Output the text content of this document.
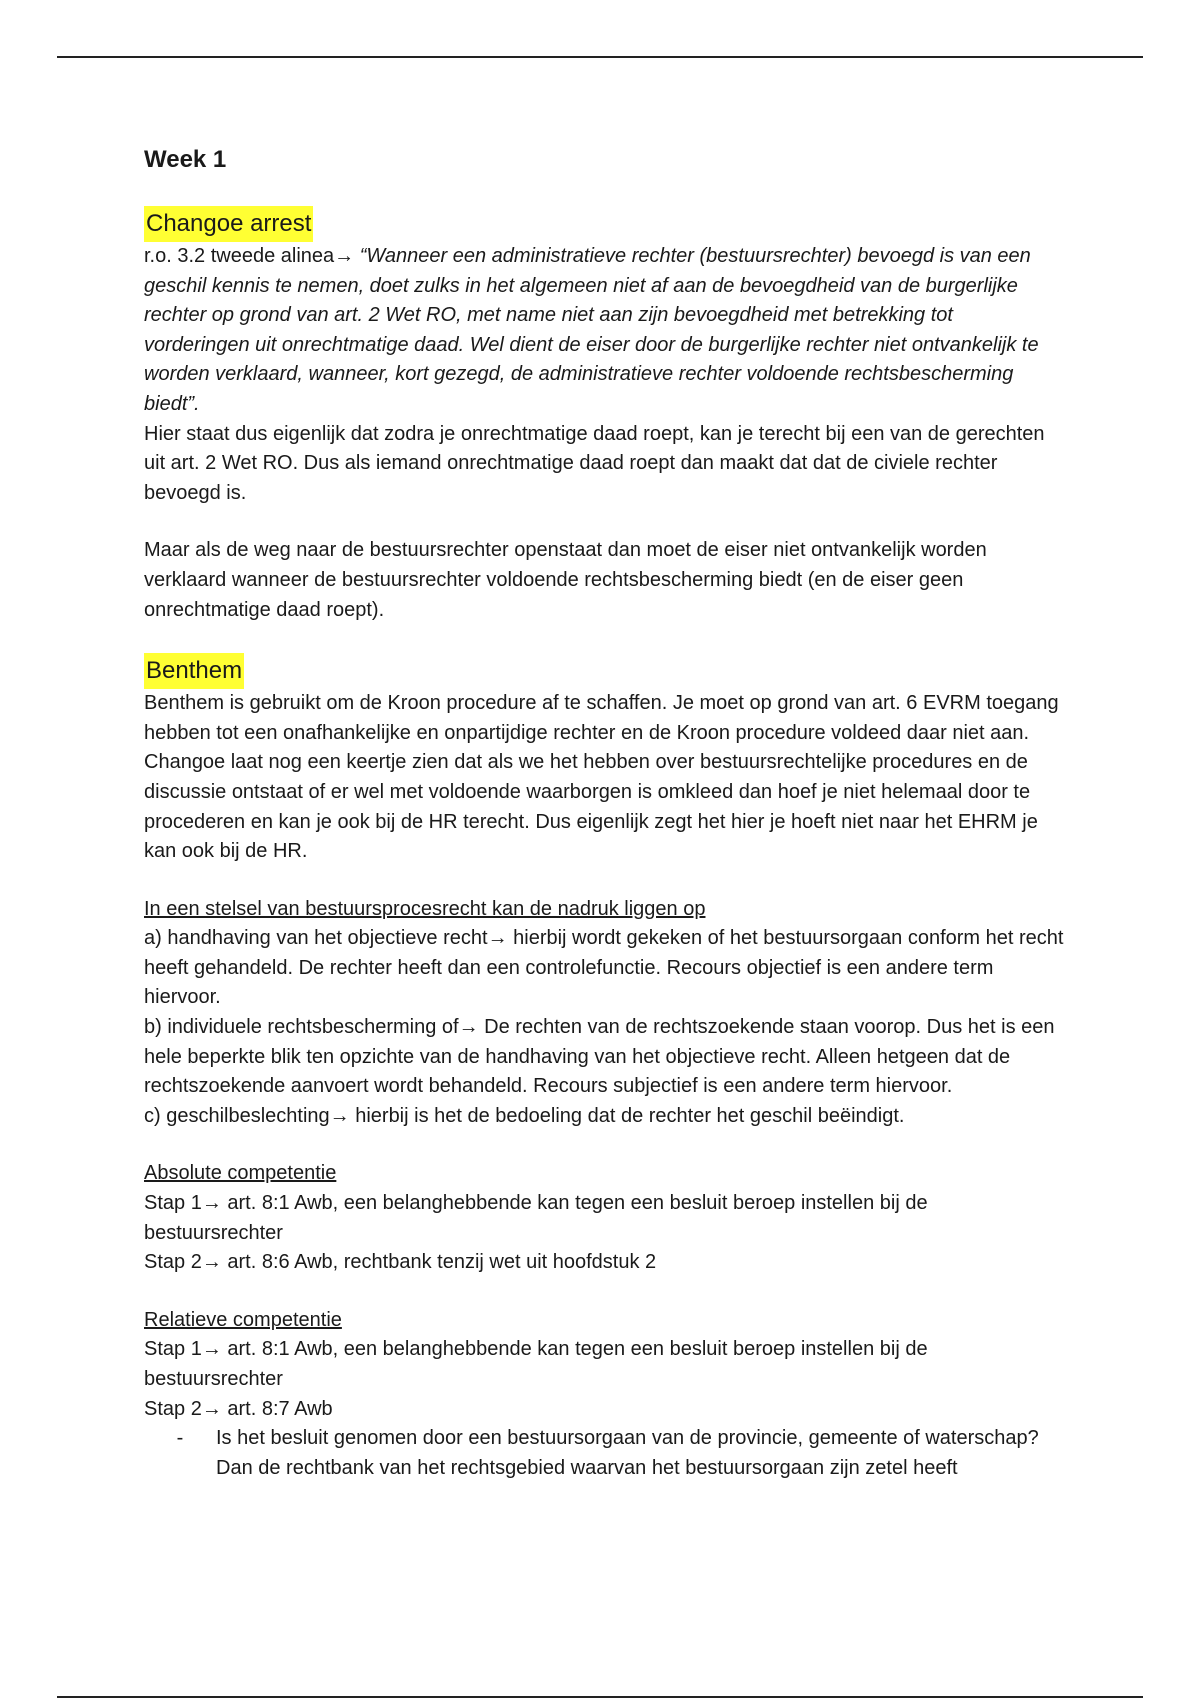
Week 1
Changoe arrest

r.o. 3.2 tweede alinea→ “Wanneer een administratieve rechter (bestuursrechter) bevoegd is van een geschil kennis te nemen, doet zulks in het algemeen niet af aan de bevoegdheid van de burgerlijke rechter op grond van art. 2 Wet RO, met name niet aan zijn bevoegdheid met betrekking tot vorderingen uit onrechtmatige daad. Wel dient de eiser door de burgerlijke rechter niet ontvankelijk te worden verklaard, wanneer, kort gezegd, de administratieve rechter voldoende rechtsbescherming biedt”.

Hier staat dus eigenlijk dat zodra je onrechtmatige daad roept, kan je terecht bij een van de gerechten uit art. 2 Wet RO. Dus als iemand onrechtmatige daad roept dan maakt dat dat de civiele rechter bevoegd is.

Maar als de weg naar de bestuursrechter openstaat dan moet de eiser niet ontvankelijk worden verklaard wanneer de bestuursrechter voldoende rechtsbescherming biedt (en de eiser geen onrechtmatige daad roept).

Benthem

Benthem is gebruikt om de Kroon procedure af te schaffen. Je moet op grond van art. 6 EVRM toegang hebben tot een onafhankelijke en onpartijdige rechter en de Kroon procedure voldeed daar niet aan. Changoe laat nog een keertje zien dat als we het hebben over bestuursrechtelijke procedures en de discussie ontstaat of er wel met voldoende waarborgen is omkleed dan hoef je niet helemaal door te procederen en kan je ook bij de HR terecht. Dus eigenlijk zegt het hier je hoeft niet naar het EHRM je kan ook bij de HR.

In een stelsel van bestuursprocesrecht kan de nadruk liggen op

a) handhaving van het objectieve recht→ hierbij wordt gekeken of het bestuursorgaan conform het recht heeft gehandeld. De rechter heeft dan een controlefunctie. Recours objectief is een andere term hiervoor.

b) individuele rechtsbescherming of→ De rechten van de rechtszoekende staan voorop. Dus het is een hele beperkte blik ten opzichte van de handhaving van het objectieve recht. Alleen hetgeen dat de rechtszoekende aanvoert wordt behandeld. Recours subjectief is een andere term hiervoor.

c) geschilbeslechting→ hierbij is het de bedoeling dat de rechter het geschil beëindigt.

Absolute competentie

Stap 1→ art. 8:1 Awb, een belanghebbende kan tegen een besluit beroep instellen bij de bestuursrechter

Stap 2→ art. 8:6 Awb, rechtbank tenzij wet uit hoofdstuk 2

Relatieve competentie

Stap 1→ art. 8:1 Awb, een belanghebbende kan tegen een besluit beroep instellen bij de bestuursrechter

Stap 2→ art. 8:7 Awb

-	Is het besluit genomen door een bestuursorgaan van de provincie, gemeente of waterschap? Dan de rechtbank van het rechtsgebied waarvan het bestuursorgaan zijn zetel heeft
